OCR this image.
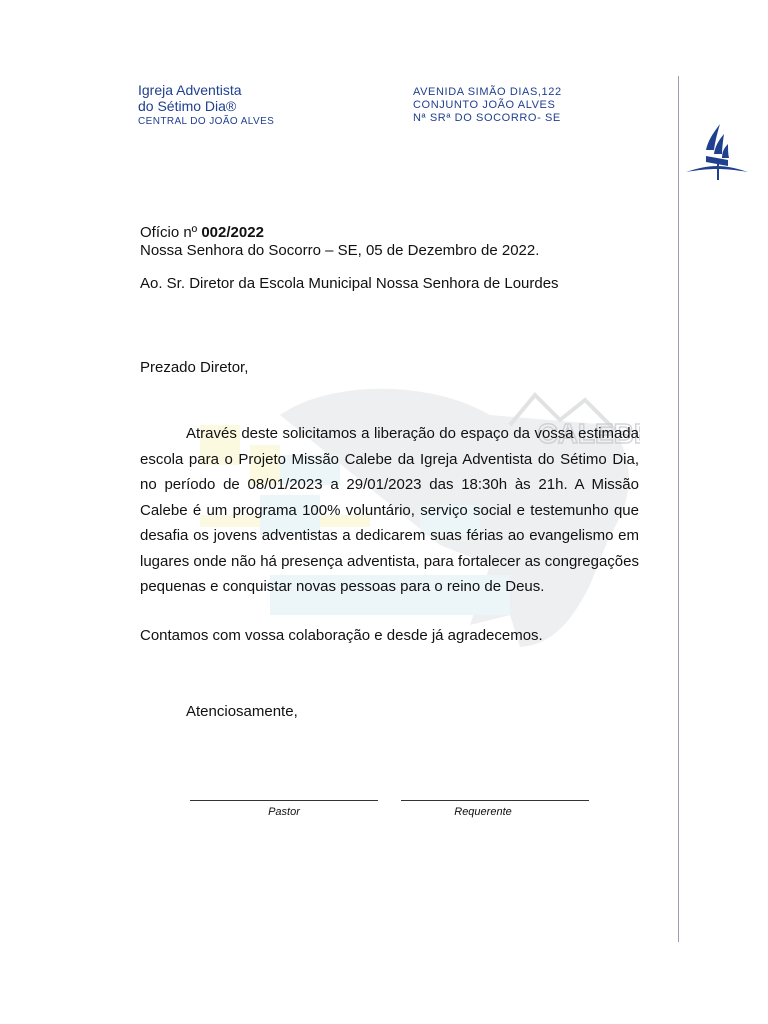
Igreja Adventista
do Sétimo Dia®
CENTRAL DO JOÃO ALVES
AVENIDA SIMÃO DIAS,122
CONJUNTO JOÃO ALVES
Nª SRª DO SOCORRO- SE
CALEB
Ofício nº 002/2022
Nossa Senhora do Socorro – SE, 05 de Dezembro de 2022.
Ao. Sr. Diretor da Escola Municipal Nossa Senhora de Lourdes
Prezado Diretor,
Através deste solicitamos a liberação do espaço da vossa estimada escola para o Projeto Missão Calebe da Igreja Adventista do Sétimo Dia, no período de 08/01/2023 a 29/01/2023 das 18:30h às 21h. A Missão Calebe é um programa 100% voluntário, serviço social e testemunho que desafia os jovens adventistas a dedicarem suas férias ao evangelismo em lugares onde não há presença adventista, para fortalecer as congregações pequenas e conquistar novas pessoas para o reino de Deus.
Contamos com vossa colaboração e desde já agradecemos.
Atenciosamente,
Pastor	Requerente
